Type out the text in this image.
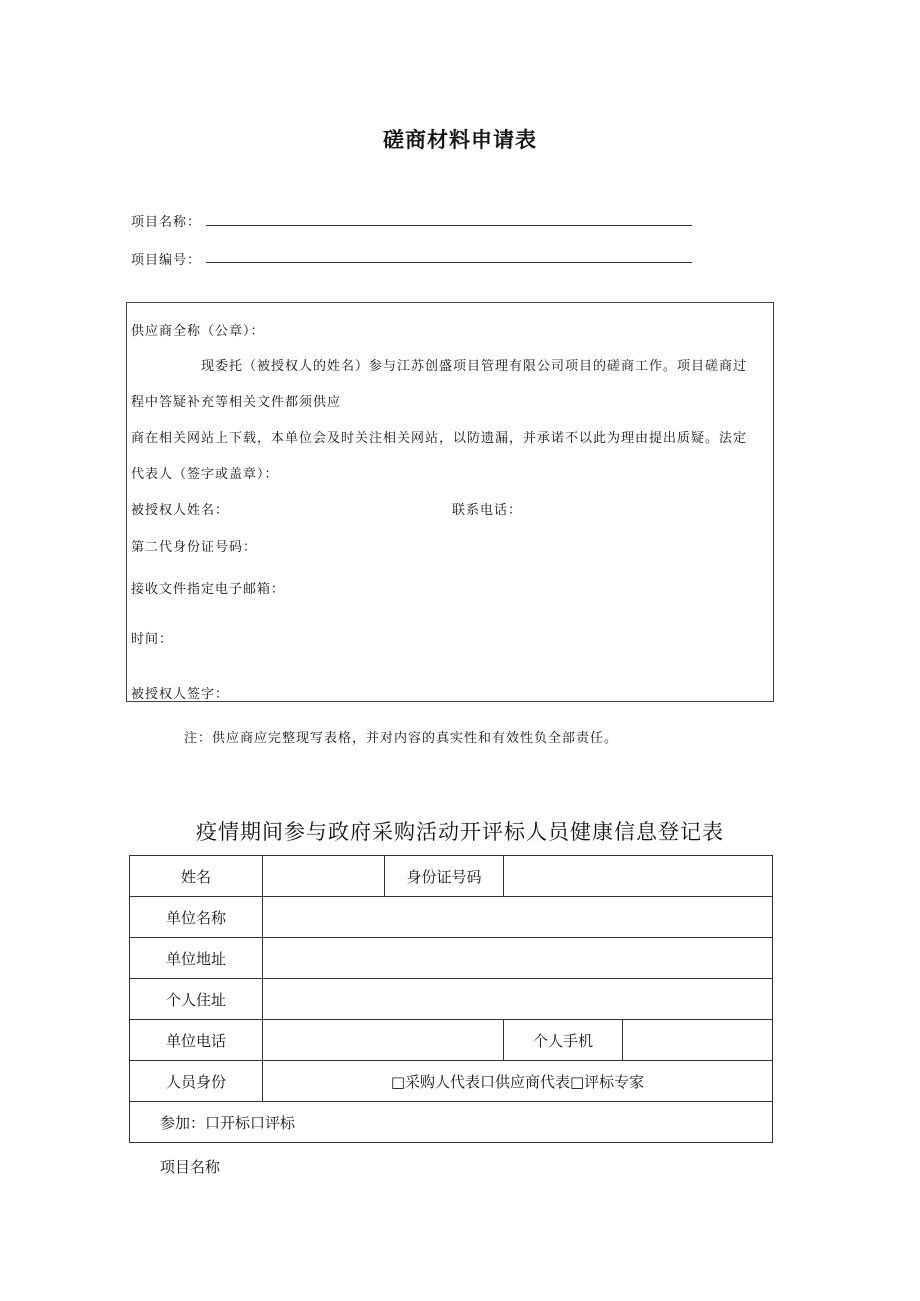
磋商材料申请表
项目名称：
项目编号：
供应商全称（公章）：
现委托（被授权人的姓名）参与江苏创盛项目管理有限公司项目的磋商工作。项目磋商过
程中答疑补充等相关文件都须供应
商在相关网站上下载，本单位会及时关注相关网站，以防遗漏，并承诺不以此为理由提出质疑。法定
代表人（签字或盖章）：
被授权人姓名：	联系电话：
第二代身份证号码：
接收文件指定电子邮箱：
时间：
被授权人签字：
注：供应商应完整现写表格，并对内容的真实性和有效性负全部责任。
疫情期间参与政府采购活动开评标人员健康信息登记表
姓名		身份证号码		
单位名称				
单位地址				
个人住址				
单位电话			个人手机	
人员身份	□采购人代表口供应商代表□评标专家			
参加：口开标口评标				
项目名称
